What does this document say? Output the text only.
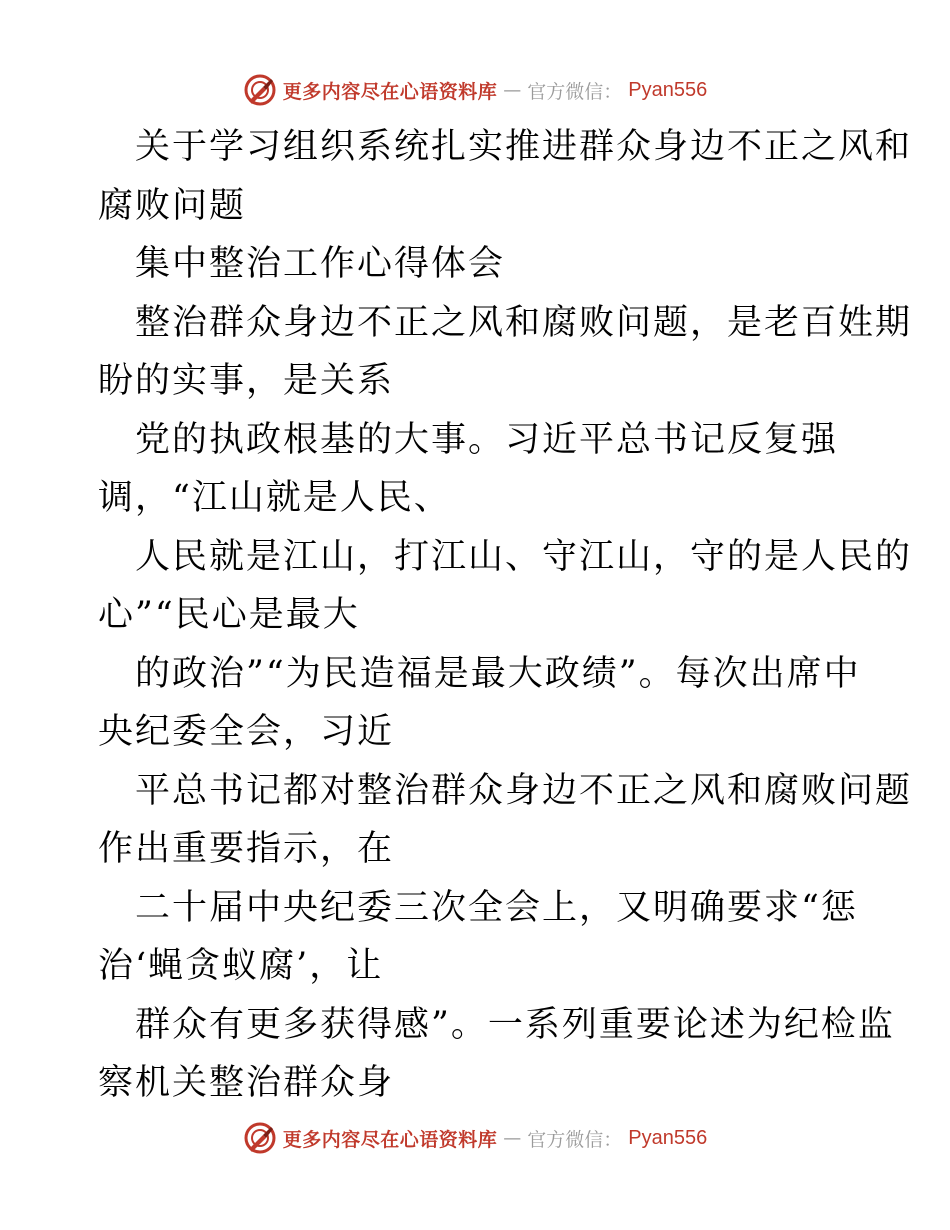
更多内容尽在心语资料库 — 官方微信： Pyan556
关于学习组织系统扎实推进群众身边不正之风和
腐败问题
集中整治工作心得体会
整治群众身边不正之风和腐败问题，是老百姓期
盼的实事，是关系
党的执政根基的大事。习近平总书记反复强
调，“江山就是人民、
人民就是江山，打江山、守江山，守的是人民的
心”“民心是最大
的政治”“为民造福是最大政绩”。每次出席中
央纪委全会，习近
平总书记都对整治群众身边不正之风和腐败问题
作出重要指示，在
二十届中央纪委三次全会上，又明确要求“惩
治‘蝇贪蚁腐’，让
群众有更多获得感”。一系列重要论述为纪检监
察机关整治群众身
更多内容尽在心语资料库 — 官方微信： Pyan556
